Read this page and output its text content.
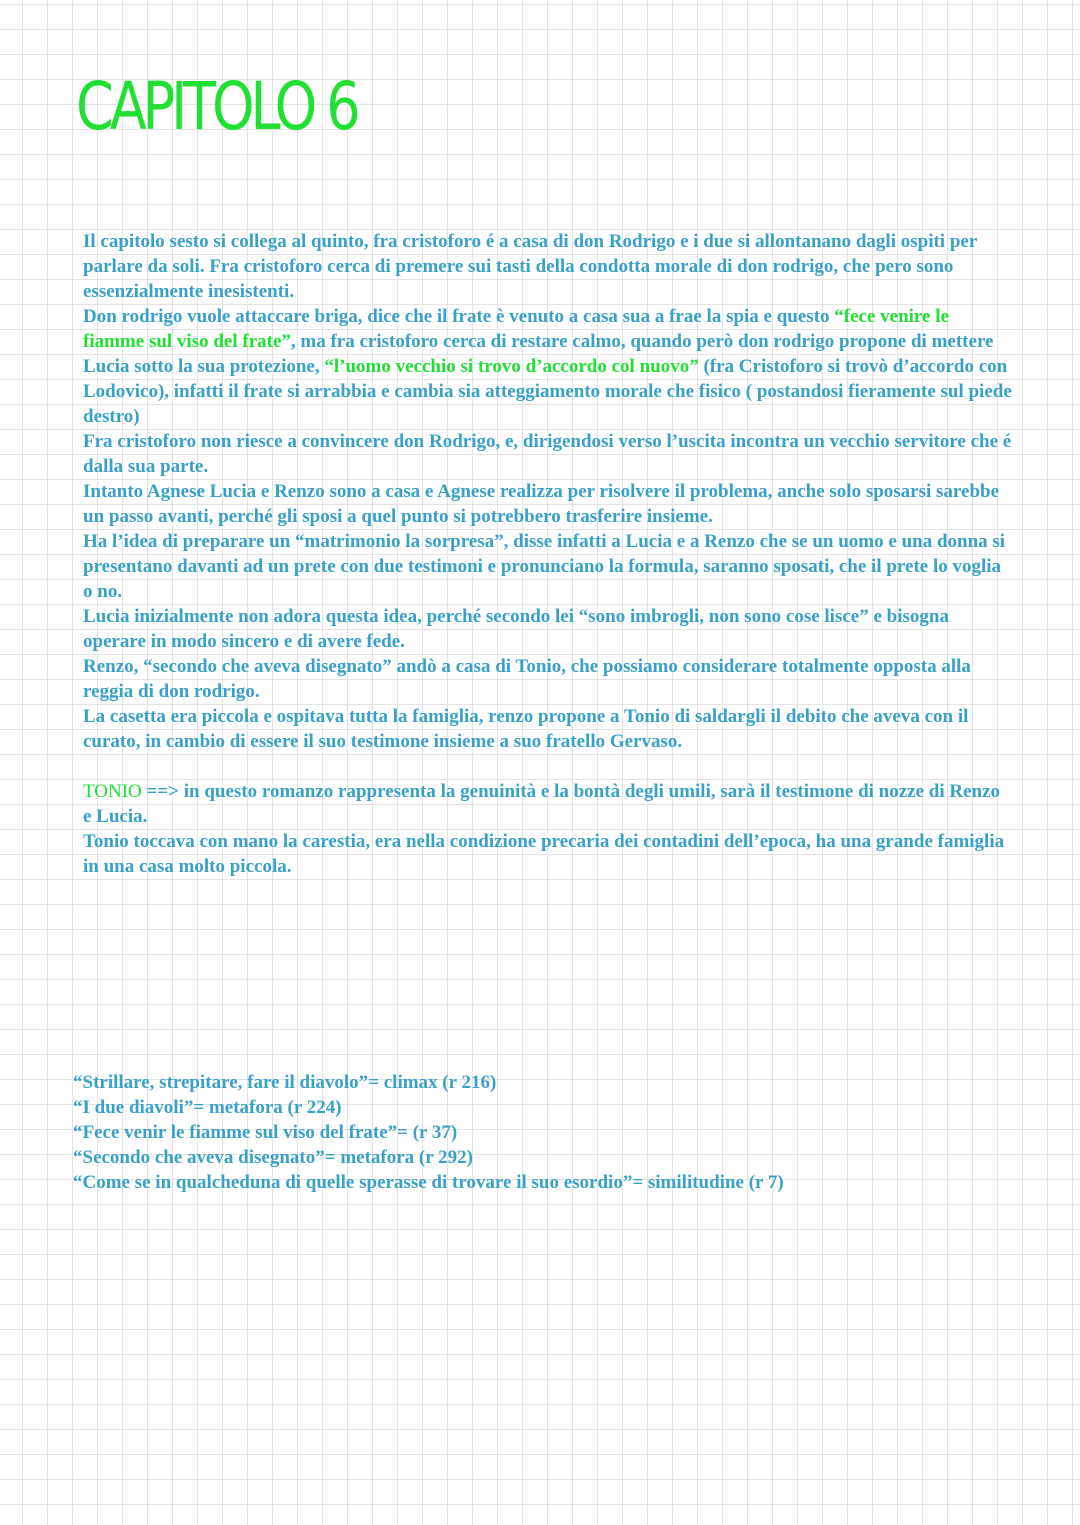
CAPITOLO 6

Il capitolo sesto si collega al quinto, fra cristoforo é a casa di don Rodrigo e i due si allontanano dagli ospiti per parlare da soli. Fra cristoforo cerca di premere sui tasti della condotta morale di don rodrigo, che pero sono essenzialmente inesistenti.

Don rodrigo vuole attaccare briga, dice che il frate è venuto a casa sua a frae la spia e questo “fece venire le fiamme sul viso del frate”, ma fra cristoforo cerca di restare calmo, quando però don rodrigo propone di mettere Lucia sotto la sua protezione, “l’uomo vecchio si trovo d’accordo col nuovo” (fra Cristoforo si trovò d’accordo con Lodovico), infatti il frate si arrabbia e cambia sia atteggiamento morale che fisico ( postandosi fieramente sul piede destro)

Fra cristoforo non riesce a convincere don Rodrigo, e, dirigendosi verso l’uscita incontra un vecchio servitore che é dalla sua parte.

Intanto Agnese Lucia e Renzo sono a casa e Agnese realizza per risolvere il problema, anche solo sposarsi sarebbe un passo avanti, perché gli sposi a quel punto si potrebbero trasferire insieme.

Ha l’idea di preparare un “matrimonio la sorpresa”, disse infatti a Lucia e a Renzo che se un uomo e una donna si presentano davanti ad un prete con due testimoni e pronunciano la formula, saranno sposati, che il prete lo voglia o no.

Lucia inizialmente non adora questa idea, perché secondo lei “sono imbrogli, non sono cose lisce” e bisogna operare in modo sincero e di avere fede.

Renzo, “secondo che aveva disegnato” andò a casa di Tonio, che possiamo considerare totalmente opposta alla reggia di don rodrigo.

La casetta era piccola e ospitava tutta la famiglia, renzo propone a Tonio di saldargli il debito che aveva con il curato, in cambio di essere il suo testimone insieme a suo fratello Gervaso.

TONIO ==> in questo romanzo rappresenta la genuinità e la bontà degli umili, sarà il testimone di nozze di Renzo e Lucia.

Tonio toccava con mano la carestia, era nella condizione precaria dei contadini dell’epoca, ha una grande famiglia in una casa molto piccola.

“Strillare, strepitare, fare il diavolo”= climax (r 216)

“I due diavoli”= metafora (r 224)

“Fece venir le fiamme sul viso del frate”= (r 37)

“Secondo che aveva disegnato”= metafora (r 292)

“Come se in qualcheduna di quelle sperasse di trovare il suo esordio”= similitudine (r 7)
